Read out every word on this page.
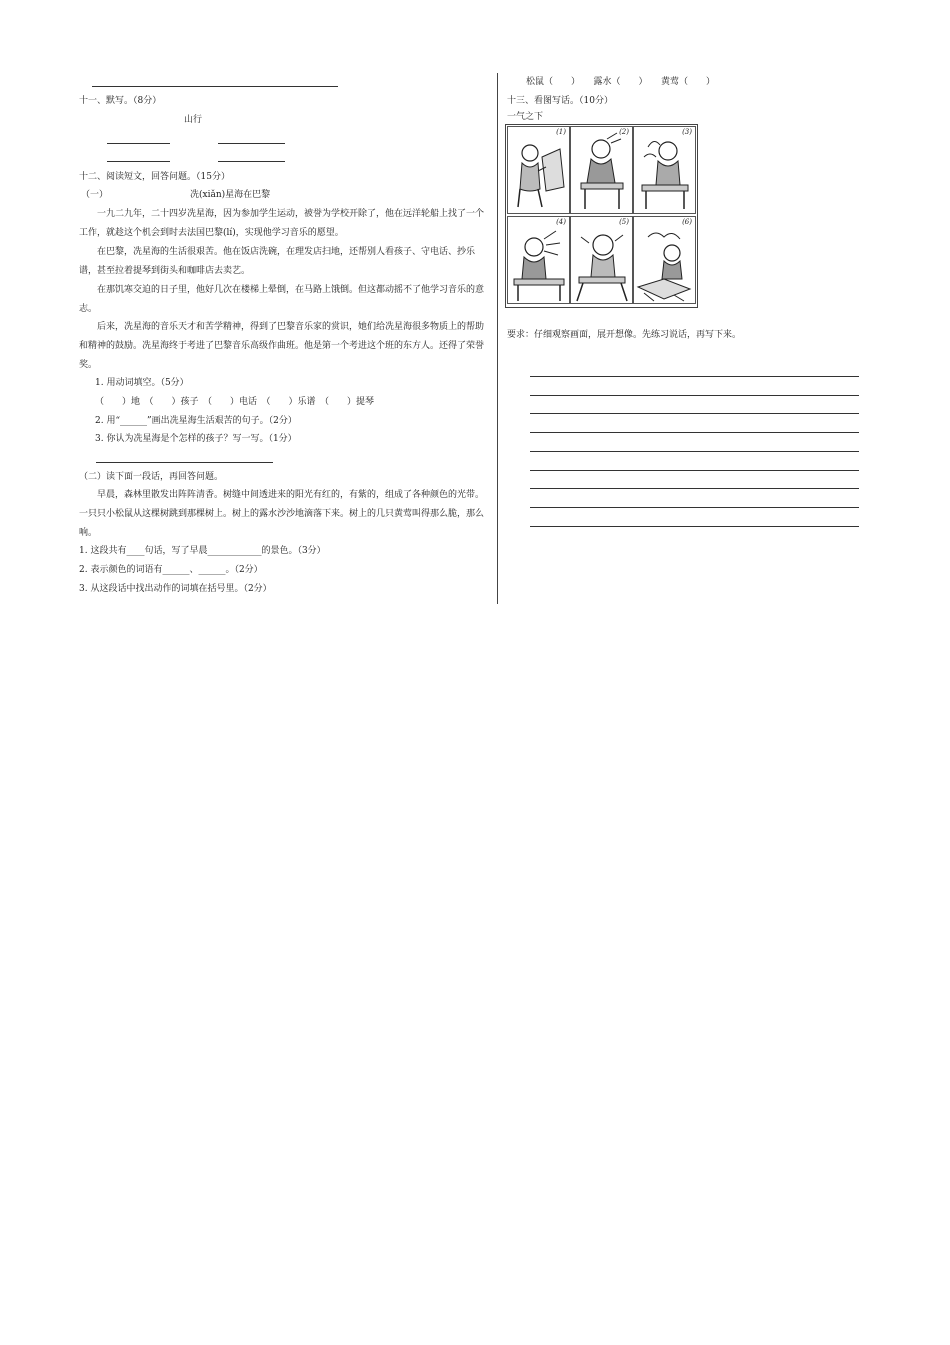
十一、默写。（8分）
山行
十二、阅读短文，回答问题。（15分）
（一）	冼(xiǎn)星海在巴黎
一九二九年，二十四岁冼星海，因为参加学生运动，被誉为学校开除了，他在远洋轮船上找了一个工作，就趁这个机会到时去法国巴黎(lí)，实现他学习音乐的愿望。
在巴黎，冼星海的生活很艰苦。他在饭店洗碗，在理发店扫地，还帮别人看孩子、守电话、抄乐谱，甚至拉着提琴到街头和咖啡店去卖艺。
在那饥寒交迫的日子里，他好几次在楼梯上晕倒，在马路上饿倒。但这都动摇不了他学习音乐的意志。
后来，冼星海的音乐天才和苦学精神，得到了巴黎音乐家的赏识，她们给冼星海很多物质上的帮助和精神的鼓励。冼星海终于考进了巴黎音乐高级作曲班。他是第一个考进这个班的东方人。还得了荣誉奖。
1. 用动词填空。（5分）
（　　）地　（　　）孩子　（　　）电话　（　　）乐谱　（　　）提琴
2. 用“______”画出冼星海生活艰苦的句子。（2分）
3. 你认为冼星海是个怎样的孩子？写一写。（1分）
（二）读下面一段话，再回答问题。
早晨，森林里散发出阵阵清香。树缝中间透进来的阳光有红的，有紫的，组成了各种颜色的光带。一只只小松鼠从这棵树跳到那棵树上。树上的露水沙沙地滴落下来。树上的几只黄莺叫得那么脆，那么响。
1. 这段共有____句话，写了早晨____________的景色。（3分）
2. 表示颜色的词语有______、______。（2分）
3. 从这段话中找出动作的词填在括号里。（2分）
松鼠（　　）　　露水（　　）　　黄莺（　　）
十三、看图写话。（10分）
一气之下
(1)	(2)	(3)
(4)	(5)	(6)
要求：仔细观察画面，展开想像。先练习说话，再写下来。
